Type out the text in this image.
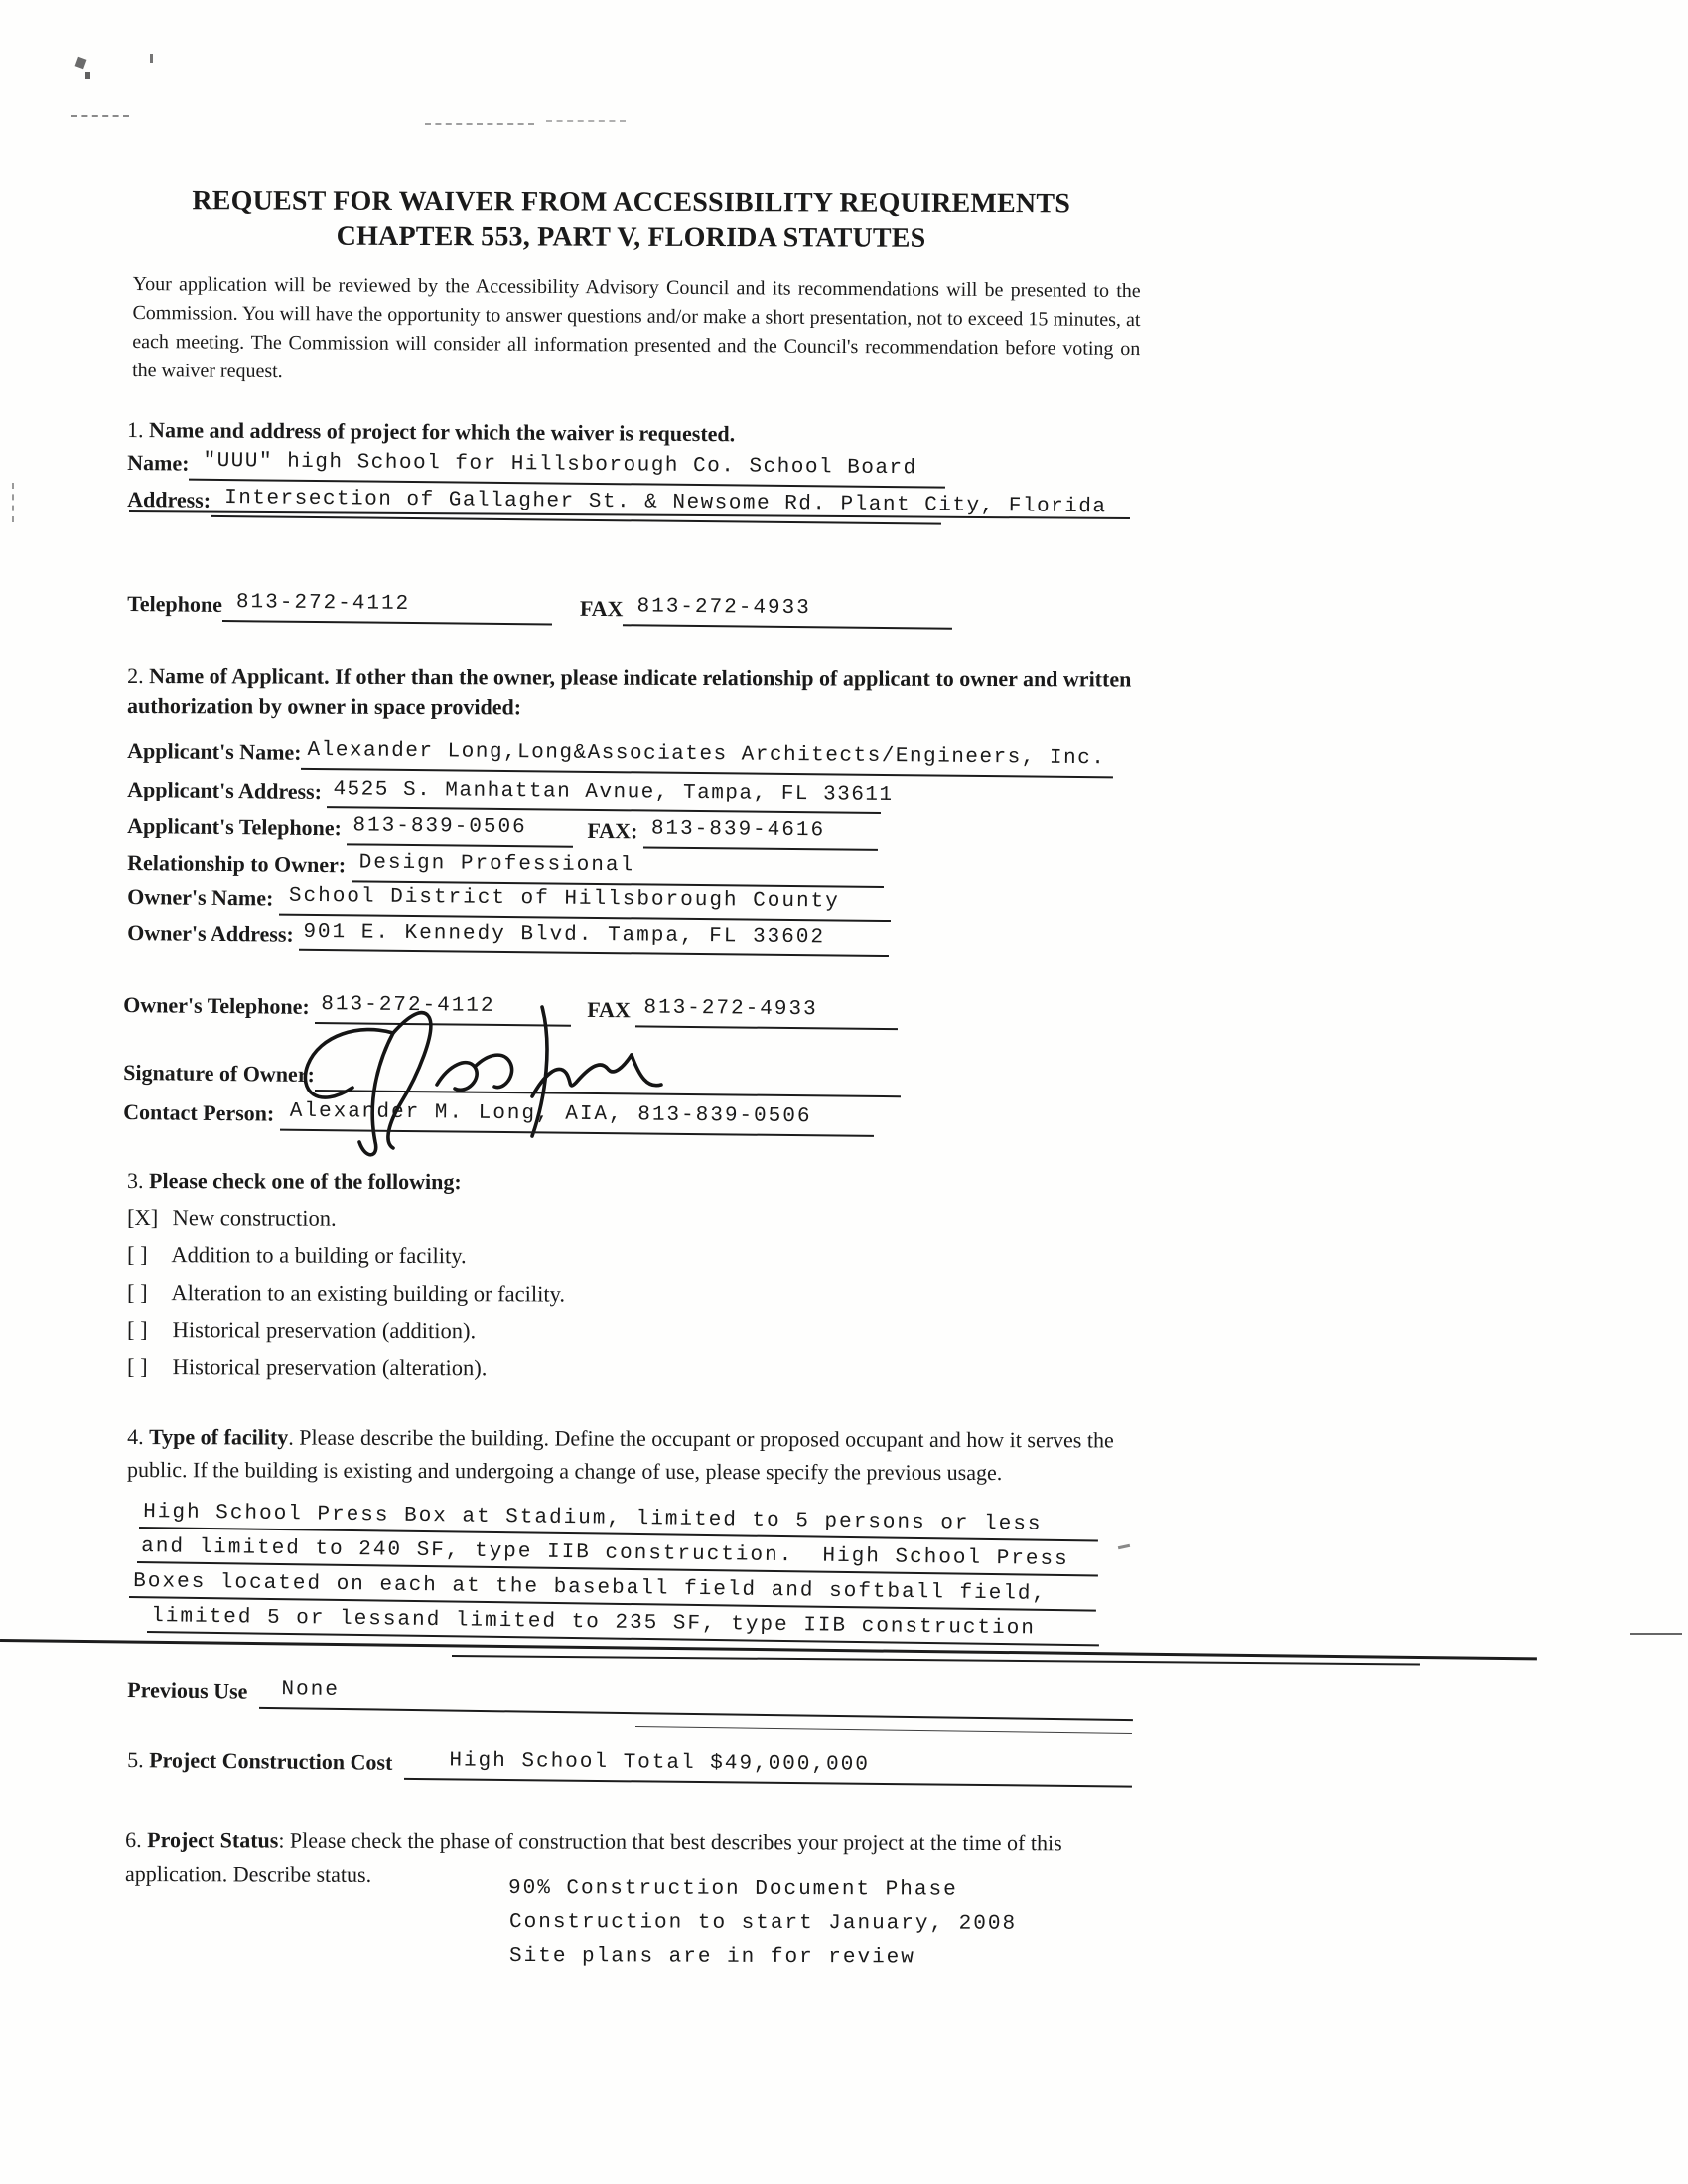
REQUEST FOR WAIVER FROM ACCESSIBILITY REQUIREMENTS
CHAPTER 553, PART V, FLORIDA STATUTES

Your application will be reviewed by the Accessibility Advisory Council and its recommendations will be presented to the Commission. You will have the opportunity to answer questions and/or make a short presentation, not to exceed 15 minutes, at each meeting. The Commission will consider all information presented and the Council's recommendation before voting on the waiver request.

1. Name and address of project for which the waiver is requested.
Name: "UUU" high School for Hillsborough Co. School Board
Address: Intersection of Gallagher St. & Newsome Rd. Plant City, Florida
Telephone 813-272-4112	FAX 813-272-4933
2. Name of Applicant. If other than the owner, please indicate relationship of applicant to owner and written authorization by owner in space provided:
Applicant's Name: Alexander Long,Long&Associates Architects/Engineers, Inc.
Applicant's Address: 4525 S. Manhattan Avnue, Tampa, FL 33611
Applicant's Telephone: 813-839-0506	FAX: 813-839-4616
Relationship to Owner: Design Professional
Owner's Name: School District of Hillsborough County
Owner's Address: 901 E. Kennedy Blvd. Tampa, FL 33602
Owner's Telephone: 813-272-4112	FAX 813-272-4933
Signature of Owner:
Contact Person: Alexander M. Long, AIA, 813-839-0506
3. Please check one of the following:
[X] New construction.
[ ] Addition to a building or facility.
[ ] Alteration to an existing building or facility.
[ ] Historical preservation (addition).
[ ] Historical preservation (alteration).
4. Type of facility. Please describe the building. Define the occupant or proposed occupant and how it serves the public. If the building is existing and undergoing a change of use, please specify the previous usage.
High School Press Box at Stadium, limited to 5 persons or less
and limited to 240 SF, type IIB construction.  High School Press
Boxes located on each at the baseball field and softball field,
limited 5 or lessand limited to 235 SF, type IIB construction
Previous Use	None
5. Project Construction Cost	High School Total $49,000,000
6. Project Status: Please check the phase of construction that best describes your project at the time of this application. Describe status.
90% Construction Document Phase
Construction to start January, 2008
Site plans are in for review
